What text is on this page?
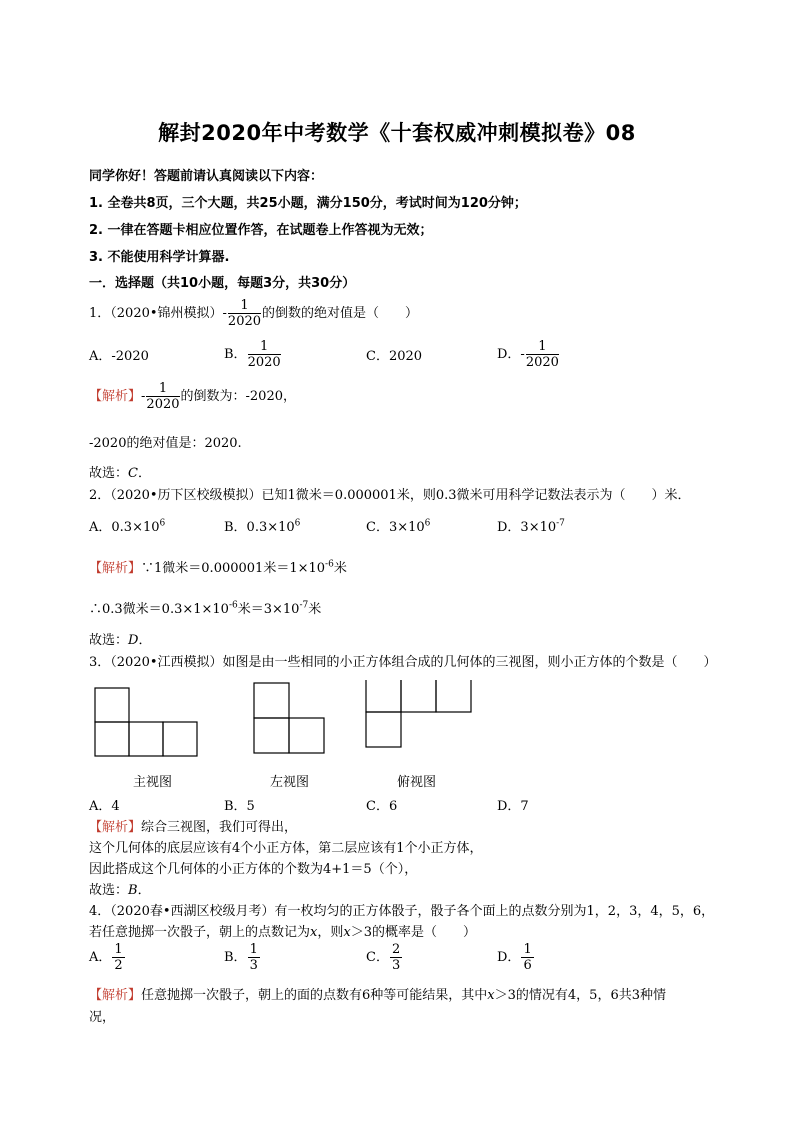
解封2020年中考数学《十套权威冲刺模拟卷》08
同学你好！答题前请认真阅读以下内容：
1. 全卷共8页，三个大题，共25小题，满分150分，考试时间为120分钟；
2. 一律在答题卡相应位置作答，在试题卷上作答视为无效；
3. 不能使用科学计算器.
一．选择题（共10小题，每题3分，共30分）
1．（2020•锦州模拟）- $\frac{1}{2020}$ 的倒数的绝对值是（　　）
A．-2020	B． $\frac{1}{2020}$	C．2020	D．- $\frac{1}{2020}$
【解析】- $\frac{1}{2020}$ 的倒数为：-2020，
-2020的绝对值是：2020.
故选：C．
2．（2020•历下区校级模拟）已知1微米＝0.000001米，则0.3微米可用科学记数法表示为（　　）米．
A．$0.3\times 10^6$	B．$0.3\times 10^6$	C．$3\times 10^6$	D．$3\times 10^{-7}$
【解析】∵1微米＝0.000001米$=1\times 10^{-6}$米
∴0.3微米$=0.3\times 1\times 10^{-6}$米$=3\times 10^{-7}$米
故选：D．
3．（2020•江西模拟）如图是由一些相同的小正方体组合成的几何体的三视图，则小正方体的个数是（　　）
主视图	左视图	俯视图
A．4	B．5	C．6	D．7
【解析】综合三视图，我们可得出，
这个几何体的底层应该有4个小正方体，第二层应该有1个小正方体，
因此搭成这个几何体的小正方体的个数为4+1＝5（个），
故选：B．
4．（2020春•西湖区校级月考）有一枚均匀的正方体骰子，骰子各个面上的点数分别为1，2，3，4，5，6，
若任意抛掷一次骰子，朝上的点数记为x，则x＞3的概率是（　　）
A． $\frac{1}{2}$	B． $\frac{1}{3}$	C． $\frac{2}{3}$	D． $\frac{1}{6}$
【解析】任意抛掷一次骰子，朝上的面的点数有6种等可能结果，其中x＞3的情况有4，5，6共3种情
况，
